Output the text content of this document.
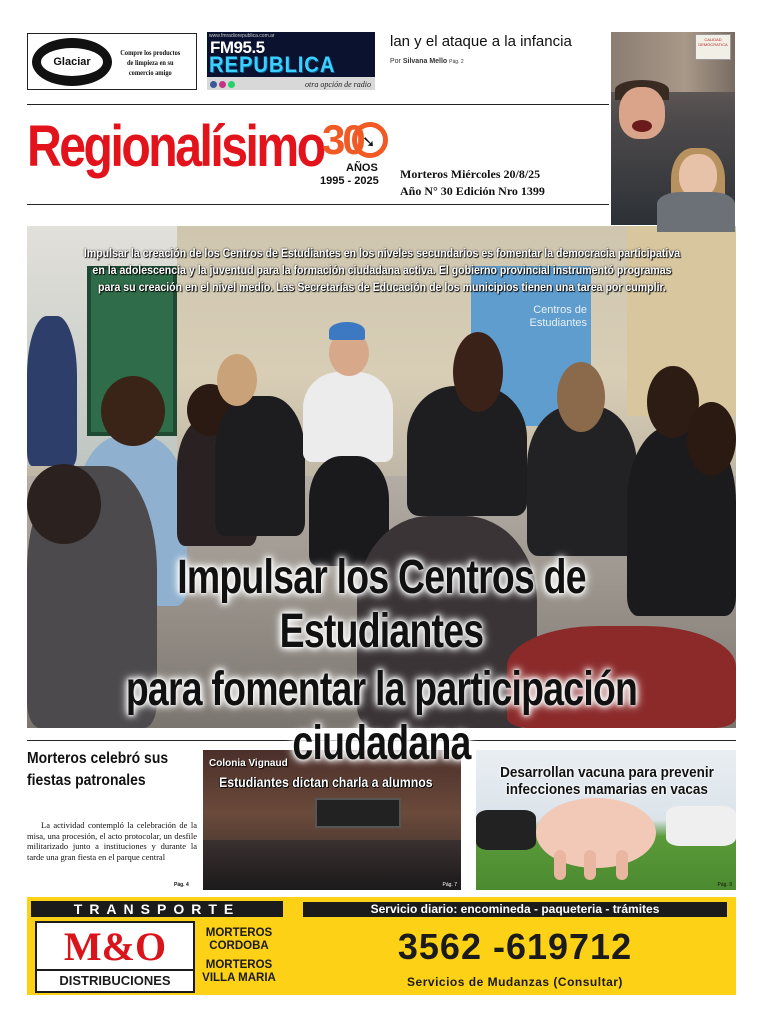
Glaciar
Compre los productos de limpieza en su comercio amigo
www.fmradiorepublica.com.ar
FM95.5
REPUBLICA
otra opción de radio
lan y el ataque a la infancia
Por Silvana Mello Pág. 2
CALIDAD DEMOCRATICA
Regionalísimo
30 ➘
AÑOS
1995 - 2025 Morteros Miércoles 20/8/25
Año N° 30 Edición Nro 1399
Centros de Estudiantes
Impulsar la creación de los Centros de Estudiantes en los niveles secundarios es fomentar la democracia participativa en la adolescencia y la juventud para la formación ciudadana activa. El gobierno provincial instrumentó programas para su creación en el nivel medio. Las Secretarías de Educación de los municipios tienen una tarea por cumplir.
Impulsar los Centros de Estudiantes
para fomentar la participación ciudadana
Morteros celebró sus fiestas patronales
La actividad contempló la celebración de la misa, una procesión, el acto protocolar, un desfile militarizado junto a instituciones y durante la tarde una gran fiesta en el parque central
Pág. 4
Colonia Vignaud
Estudiantes dictan charla a alumnos
Pág. 7
Desarrollan vacuna para prevenir infecciones mamarias en vacas
Pág. 9
TRANSPORTE	Servicio diario: encomineda - paqueteria - trámites
M&O
DISTRIBUCIONES
MORTEROS
CORDOBA
MORTEROS
VILLA MARIA
3562 -619712
Servicios de Mudanzas (Consultar)
